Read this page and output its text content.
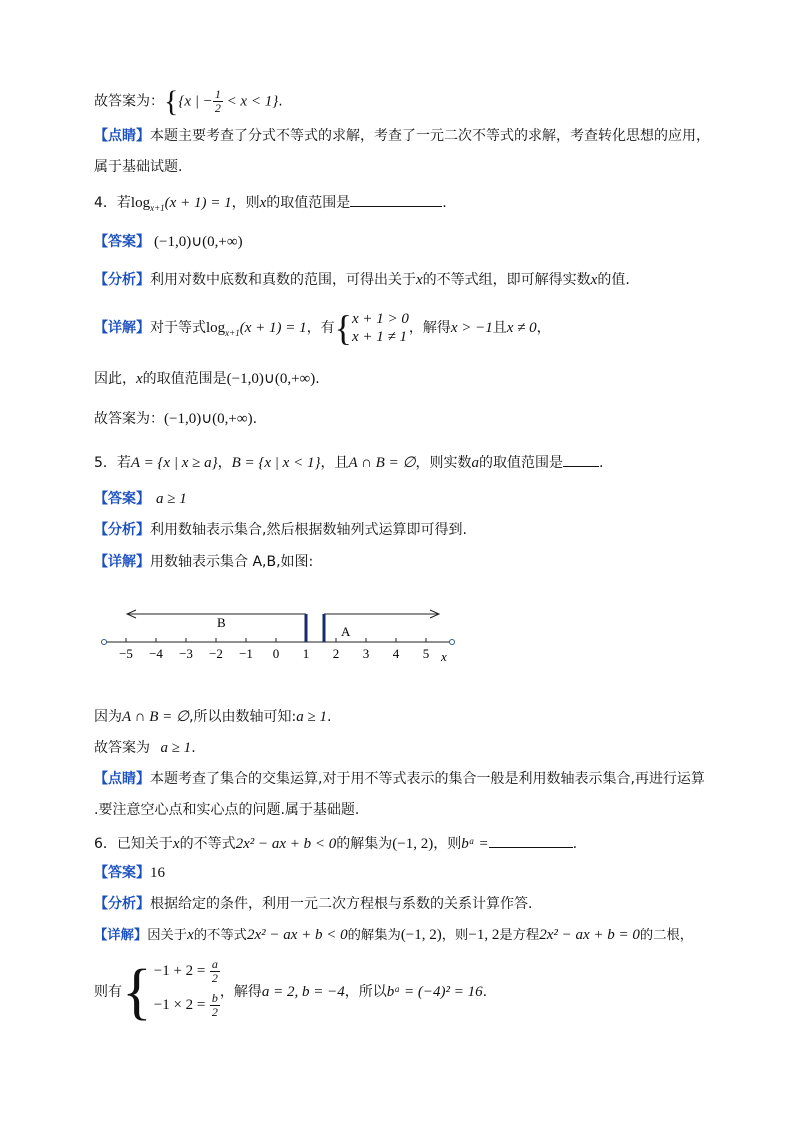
故答案为：{{x | − $\frac{1}{2} < x < 1$}.
【点睛】本题主要考查了分式不等式的求解，考查了一元二次不等式的求解，考查转化思想的应用，
属于基础试题.
4．若$\log_{x+1}(x + 1) = 1$，则x的取值范围是	.
【答案】 (−1,0)∪(0,+∞)
【分析】利用对数中底数和真数的范围，可得出关于x的不等式组，即可解得实数x的值.
【详解】对于等式$\log_{x+1}(x + 1) = 1$，有{ x + 1 > 0
x + 1 ≠ 1
，解得x > −1且x ≠ 0，
因此，x的取值范围是(−1,0)∪(0,+∞).
故答案为：(−1,0)∪(0,+∞).
5．若A = {x | x ≥ a}，B = {x | x < 1}，且A ∩ B = ∅，则实数a的取值范围是	.
【答案】 a ≥ 1
【分析】利用数轴表示集合,然后根据数轴列式运算即可得到.
【详解】用数轴表示集合 A,B,如图:
−5 −4 −3 −2 −1 0 1 2 3 4 5 x
B
A
因为A ∩ B = ∅,所以由数轴可知:a ≥ 1.
故答案为 a ≥ 1.
【点睛】本题考查了集合的交集运算,对于用不等式表示的集合一般是利用数轴表示集合,再进行运算
.要注意空心点和实心点的问题.属于基础题.
6．已知关于x的不等式2x² − ax + b < 0的解集为(−1, 2)，则bᵃ =	.
【答案】16
【分析】根据给定的条件，利用一元二次方程根与系数的关系计算作答.
【详解】因关于x的不等式2x² − ax + b < 0的解集为(−1, 2)，则−1, 2是方程2x² − ax + b = 0的二根，
则有{ $-1 + 2 = \frac{a}{2}$
$-1 \times 2 = \frac{b}{2}$ ，解得a = 2, b = −4，所以bᵃ = (−4)² = 16.
